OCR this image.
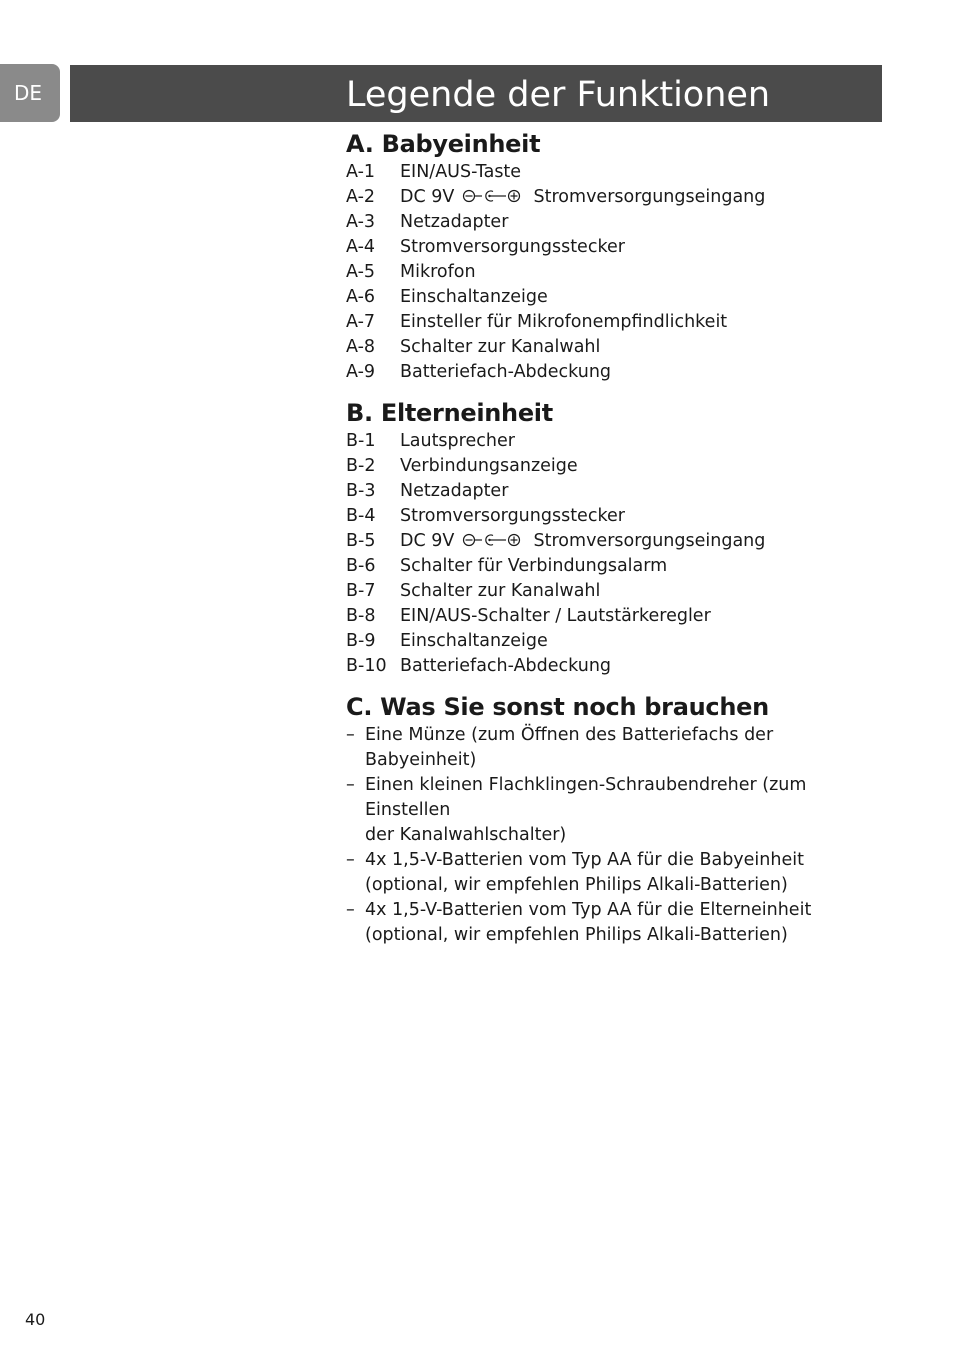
DE	Legende der Funktionen
A. Babyeinheit
A-1	EIN/AUS-Taste
A-2	DC 9V	Stromversorgungseingang
A-3	Netzadapter
A-4	Stromversorgungsstecker
A-5	Mikrofon
A-6	Einschaltanzeige
A-7	Einsteller für Mikrofonempfindlichkeit
A-8	Schalter zur Kanalwahl
A-9	Batteriefach-Abdeckung
B. Elterneinheit
B-1	Lautsprecher
B-2	Verbindungsanzeige
B-3	Netzadapter
B-4	Stromversorgungsstecker
B-5	DC 9V	Stromversorgungseingang
B-6	Schalter für Verbindungsalarm
B-7	Schalter zur Kanalwahl
B-8	EIN/AUS-Schalter / Lautstärkeregler
B-9	Einschaltanzeige
B-10 Batteriefach-Abdeckung
C. Was Sie sonst noch brauchen
– Eine Münze (zum Öffnen des Batteriefachs der Babyeinheit)
– Einen kleinen Flachklingen-Schraubendreher (zum Einstellen
der Kanalwahlschalter)
– 4x 1,5-V-Batterien vom Typ AA für die Babyeinheit
(optional, wir empfehlen Philips Alkali-Batterien)
– 4x 1,5-V-Batterien vom Typ AA für die Elterneinheit
(optional, wir empfehlen Philips Alkali-Batterien)
40
